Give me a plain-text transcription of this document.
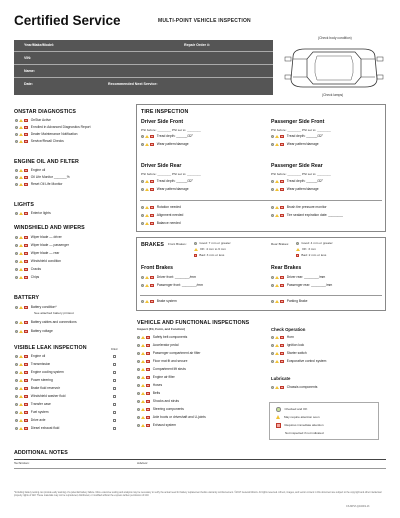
Certified Service	MULTI-POINT VEHICLE INSPECTION
(Check body condition)
(Check lamps)
Year/Make/Model:	Repair Order #:
VIN:
Name:
Date:	Recommended Next Service:
ONSTAR DIAGNOSTICS
OnStar Active
Enrolled in Advanced Diagnostics Report
Dealer Maintenance Notification
Service/Recall Checks
ENGINE OIL AND FILTER
Engine oil
Oil Life Monitor _______%
Reset Oil Life Monitor
LIGHTS
Exterior lights
WINDSHIELD AND WIPERS
Wiper blade — driver
Wiper blade — passenger
Wiper blade — rear
Windshield condition
Cracks
Chips
BATTERY
Battery condition*
See attached battery printout
Battery cables and connections
Battery voltage
VISIBLE LEAK INSPECTION	Filled
Engine oil
Transmission
Engine cooling system
Power steering
Brake fluid reservoir
Windshield washer fluid
Transfer case
Fuel system
Drive axle
Diesel exhaust fluid
TIRE INSPECTION
Driver Side Front
PSI before: ________ PSI set to: ________
Tread depth: ______/32"
Wear pattern/damage
Passenger Side Front
PSI before: ________ PSI set to: ________
Tread depth: ______/32"
Wear pattern/damage
Driver Side Rear
PSI before: ________ PSI set to: ________
Tread depth: ______/32"
Wear pattern/damage
Passenger Side Rear
PSI before: ________ PSI set to: ________
Tread depth: ______/32"
Wear pattern/damage
Rotation needed
Alignment needed
Balance needed
Brush tire pressure monitor
Tire sealant expiration date: ________
BRAKES Front Brakes:	Good: 7 mm or greater
OK: 4 mm to 6 mm
Bad: 3 mm or less
Rear Brakes:	Good: 4 mm or greater
OK: 3 mm
Bad: 2 mm or less
Front Brakes
Driver front: ________/mm
Passenger front: ________/mm
Rear Brakes
Driver rear: ________/mm
Passenger rear: ________/mm
Brake system	Parking Brake
VEHICLE AND FUNCTIONAL INSPECTIONS
Inspect (Fit, Form, and Function)
Safety belt components
Accelerator pedal
Passenger compartment air filter
Floor mat fit and secure
Compartment lift struts
Engine air filter
Hoses
Belts
Shocks and struts
Steering components
Axle boots or driveshaft and U-joints
Exhaust system
Check Operation
Horn
Ignition lock
Starter switch
Evaporative control system
Lubricate
Chassis components
Checked and OK
May require attention soon
Requires immediate attention
Not inspected if not indicated
ADDITIONAL NOTES
Technician:	Advisor:
*Including battery testing can provide early warning of a potential battery failure. More extensive testing and analysis may be necessary to verify the actual need for battery replacement before warranty reimbursement. ©2017 General Motors. All rights reserved. All text, images, and vector content in this document are subject to the copyright and other intellectual property rights of GM. These materials may not be reproduced, distributed, or modified without the express written permission of GM.
CS-MPVI-Q4/2019-13
